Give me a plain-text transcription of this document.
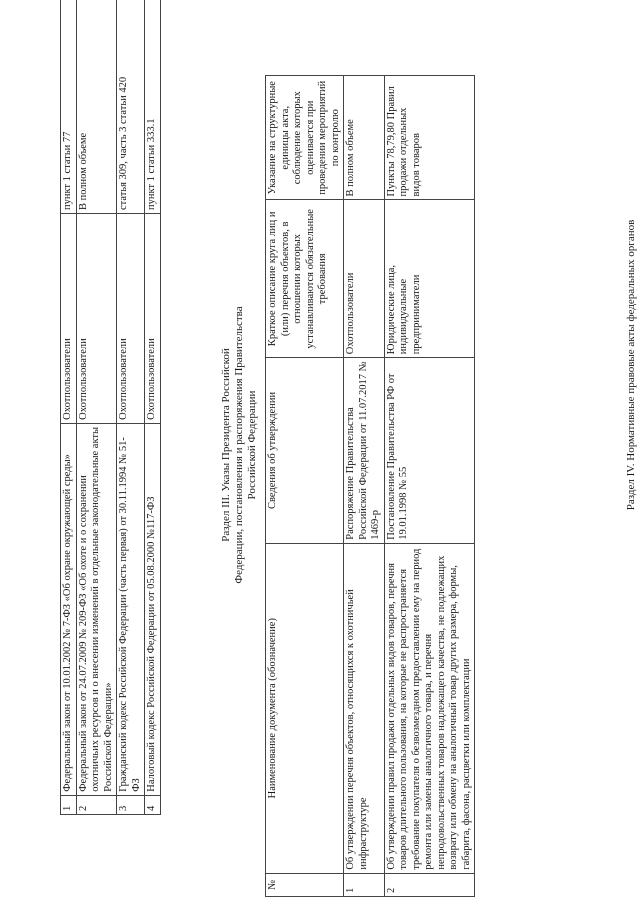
1	Федеральный закон от 10.01.2002 № 7-ФЗ «Об охране окружающей среды»	Охотпользователи	пункт 1 статьи 77
2	Федеральный закон от 24.07.2009 № 209-ФЗ «Об охоте и о сохранении охотничьих ресурсов и о внесении изменений в отдельные законодательные акты Российской Федерации»	Охотпользователи	В полном объеме
3	Гражданский кодекс Российской Федерации (часть первая) от 30.11.1994 № 51-ФЗ	Охотпользователи	статья 309, часть 3 статьи 420
4	Налоговый кодекс Российской Федерации от 05.08.2000 №117-ФЗ	Охотпользователи	пункт 1 статьи 333.1
Раздел III. Указы Президента Российской Федерации, постановления и распоряжения Правительства Российской Федерации
№	Наименование документа (обозначение)	Сведения об утверждении	Краткое описание круга лиц и (или) перечня объектов, в отношении которых устанавливаются обязательные требования	Указание на структурные единицы акта, соблюдение которых оценивается при проведении мероприятий по контролю
1	Об утверждении перечня объектов, относящихся к охотничьей инфраструктуре	Распоряжение Правительства Российской Федерации от 11.07.2017 № 1469-р	Охотпользователи	В полном объеме
2	Об утверждении правил продажи отдельных видов товаров, перечня товаров длительного пользования, на которые не распространяется требование покупателя о безвозмездном предоставлении ему на период ремонта или замены аналогичного товара, и перечня непродовольственных товаров надлежащего качества, не подлежащих возврату или обмену на аналогичный товар других размера, формы, габарита, фасона, расцветки или комплектации	Постановление Правительства РФ от 19.01.1998 № 55	Юридические лица, индивидуальные предприниматели	Пункты 78,79,80 Правил продажи отдельных видов товаров
Раздел IV. Нормативные правовые акты федеральных органов
